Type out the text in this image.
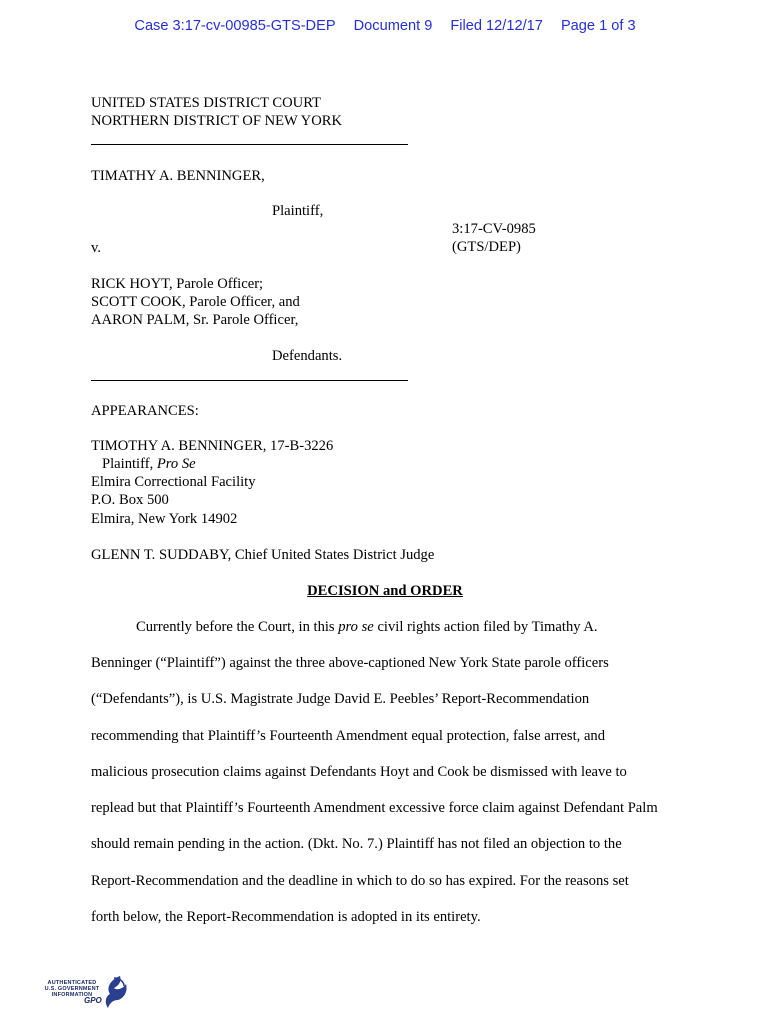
Case 3:17-cv-00985-GTS-DEP Document 9 Filed 12/12/17 Page 1 of 3
UNITED STATES DISTRICT COURT
NORTHERN DISTRICT OF NEW YORK
TIMATHY A. BENNINGER,
Plaintiff,
3:17-CV-0985
v.	(GTS/DEP)
RICK HOYT, Parole Officer;
SCOTT COOK, Parole Officer, and
AARON PALM, Sr. Parole Officer,
Defendants.
APPEARANCES:
TIMOTHY A. BENNINGER, 17-B-3226
Plaintiff, Pro Se
Elmira Correctional Facility
P.O. Box 500
Elmira, New York 14902
GLENN T. SUDDABY, Chief United States District Judge
DECISION and ORDER
Currently before the Court, in this pro se civil rights action filed by Timathy A.
Benninger (“Plaintiff”) against the three above-captioned New York State parole officers
(“Defendants”), is U.S. Magistrate Judge David E. Peebles’ Report-Recommendation
recommending that Plaintiff’s Fourteenth Amendment equal protection, false arrest, and
malicious prosecution claims against Defendants Hoyt and Cook be dismissed with leave to
replead but that Plaintiff’s Fourteenth Amendment excessive force claim against Defendant Palm
should remain pending in the action. (Dkt. No. 7.) Plaintiff has not filed an objection to the
Report-Recommendation and the deadline in which to do so has expired. For the reasons set
forth below, the Report-Recommendation is adopted in its entirety.
AUTHENTICATED
U.S. GOVERNMENT
INFORMATION
GPO
